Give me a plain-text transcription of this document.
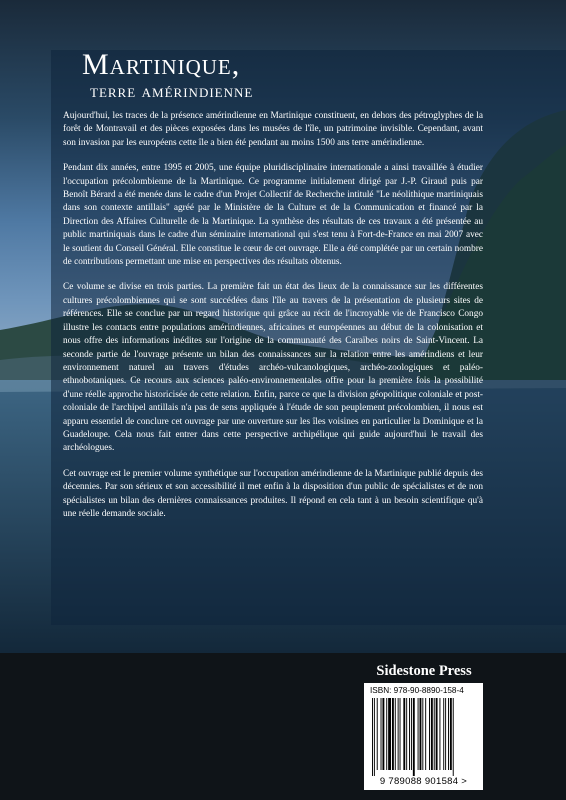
Martinique,
terre amérindienne

Aujourd'hui, les traces de la présence amérindienne en Martinique constituent, en dehors des pétroglyphes de la forêt de Montravail et des pièces exposées dans les musées de l'île, un patrimoine invisible. Cependant, avant son invasion par les européens cette île a bien été pendant au moins 1500 ans terre amérindienne.

Pendant dix années, entre 1995 et 2005, une équipe pluridisciplinaire internationale a ainsi travaillée à étudier l'occupation précolombienne de la Martinique. Ce programme initialement dirigé par J.-P. Giraud puis par Benoît Bérard a été menée dans le cadre d'un Projet Collectif de Recherche intitulé "Le néolithique martiniquais dans son contexte antillais" agréé par le Ministère de la Culture et de la Communication et financé par la Direction des Affaires Culturelle de la Martinique. La synthèse des résultats de ces travaux a été présentée au public martiniquais dans le cadre d'un séminaire international qui s'est tenu à Fort-de-France en mai 2007 avec le soutient du Conseil Général. Elle constitue le cœur de cet ouvrage. Elle a été complétée par un certain nombre de contributions permettant une mise en perspectives des résultats obtenus.

Ce volume se divise en trois parties. La première fait un état des lieux de la connaissance sur les différentes cultures précolombiennes qui se sont succédées dans l'île au travers de la présentation de plusieurs sites de références. Elle se conclue par un regard historique qui grâce au récit de l'incroyable vie de Francisco Congo illustre les contacts entre populations amérindiennes, africaines et européennes au début de la colonisation et nous offre des informations inédites sur l'origine de la communauté des Caraïbes noirs de Saint-Vincent. La seconde partie de l'ouvrage présente un bilan des connaissances sur la relation entre les amérindiens et leur environnement naturel au travers d'études archéo-vulcanologiques, archéo-zoologiques et paléo-ethnobotaniques. Ce recours aux sciences paléo-environnementales offre pour la première fois la possibilité d'une réelle approche historicisée de cette relation. Enfin, parce ce que la division géopolitique coloniale et post-coloniale de l'archipel antillais n'a pas de sens appliquée à l'étude de son peuplement précolombien, il nous est apparu essentiel de conclure cet ouvrage par une ouverture sur les îles voisines en particulier la Dominique et la Guadeloupe. Cela nous fait entrer dans cette perspective archipélique qui guide aujourd'hui le travail des archéologues.

Cet ouvrage est le premier volume synthétique sur l'occupation amérindienne de la Martinique publié depuis des décennies. Par son sérieux et son accessibilité il met enfin à la disposition d'un public de spécialistes et de non spécialistes un bilan des dernières connaissances produites. Il répond en cela tant à un besoin scientifique qu'à une réelle demande sociale.

Sidestone Press
ISBN: 978-90-8890-158-4
9 789088 901584 >
